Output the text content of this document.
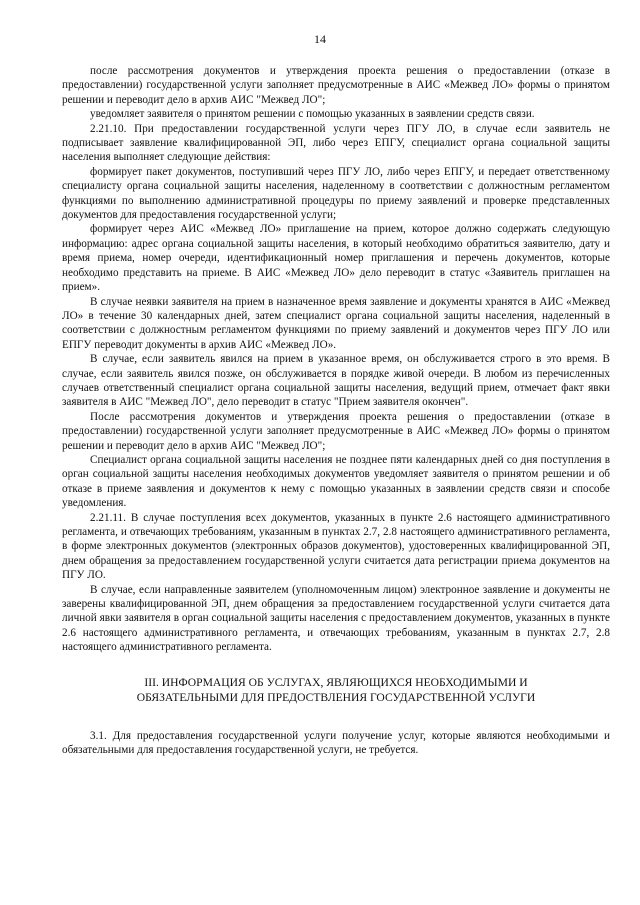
14

после рассмотрения документов и утверждения проекта решения о предоставлении (отказе в предоставлении) государственной услуги заполняет предусмотренные в АИС «Межвед ЛО» формы о принятом решении и переводит дело в архив АИС "Межвед ЛО";

уведомляет заявителя о принятом решении с помощью указанных в заявлении средств связи.

2.21.10. При предоставлении государственной услуги через ПГУ ЛО, в случае если заявитель не подписывает заявление квалифицированной ЭП, либо через ЕПГУ, специалист органа социальной защиты населения выполняет следующие действия:

формирует пакет документов, поступивший через ПГУ ЛО, либо через ЕПГУ, и передает ответственному специалисту органа социальной защиты населения, наделенному в соответствии с должностным регламентом функциями по выполнению административной процедуры по приему заявлений и проверке представленных документов для предоставления государственной услуги;

формирует через АИС «Межвед ЛО» приглашение на прием, которое должно содержать следующую информацию: адрес органа социальной защиты населения, в который необходимо обратиться заявителю, дату и время приема, номер очереди, идентификационный номер приглашения и перечень документов, которые необходимо представить на приеме. В АИС «Межвед ЛО» дело переводит в статус «Заявитель приглашен на прием».

В случае неявки заявителя на прием в назначенное время заявление и документы хранятся в АИС «Межвед ЛО» в течение 30 календарных дней, затем специалист органа социальной защиты населения, наделенный в соответствии с должностным регламентом функциями по приему заявлений и документов через ПГУ ЛО или ЕПГУ переводит документы в архив АИС «Межвед ЛО».

В случае, если заявитель явился на прием в указанное время, он обслуживается строго в это время. В случае, если заявитель явился позже, он обслуживается в порядке живой очереди. В любом из перечисленных случаев ответственный специалист органа социальной защиты населения, ведущий прием, отмечает факт явки заявителя в АИС "Межвед ЛО", дело переводит в статус "Прием заявителя окончен".

После рассмотрения документов и утверждения проекта решения о предоставлении (отказе в предоставлении) государственной услуги заполняет предусмотренные в АИС «Межвед ЛО» формы о принятом решении и переводит дело в архив АИС "Межвед ЛО";

Специалист органа социальной защиты населения не позднее пяти календарных дней со дня поступления в орган социальной защиты населения необходимых документов уведомляет заявителя о принятом решении и об отказе в приеме заявления и документов к нему с помощью указанных в заявлении средств связи и способе уведомления.

2.21.11. В случае поступления всех документов, указанных в пункте 2.6 настоящего административного регламента, и отвечающих требованиям, указанным в пунктах 2.7, 2.8 настоящего административного регламента, в форме электронных документов (электронных образов документов), удостоверенных квалифицированной ЭП, днем обращения за предоставлением государственной услуги считается дата регистрации приема документов на ПГУ ЛО.

В случае, если направленные заявителем (уполномоченным лицом) электронное заявление и документы не заверены квалифицированной ЭП, днем обращения за предоставлением государственной услуги считается дата личной явки заявителя в орган социальной защиты населения с предоставлением документов, указанных в пункте 2.6 настоящего административного регламента, и отвечающих требованиям, указанным в пунктах 2.7, 2.8 настоящего административного регламента.

III. ИНФОРМАЦИЯ ОБ УСЛУГАХ, ЯВЛЯЮЩИХСЯ НЕОБХОДИМЫМИ И
ОБЯЗАТЕЛЬНЫМИ ДЛЯ ПРЕДОСТВЛЕНИЯ ГОСУДАРСТВЕННОЙ УСЛУГИ

3.1. Для предоставления государственной услуги получение услуг, которые являются необходимыми и обязательными для предоставления государственной услуги, не требуется.
